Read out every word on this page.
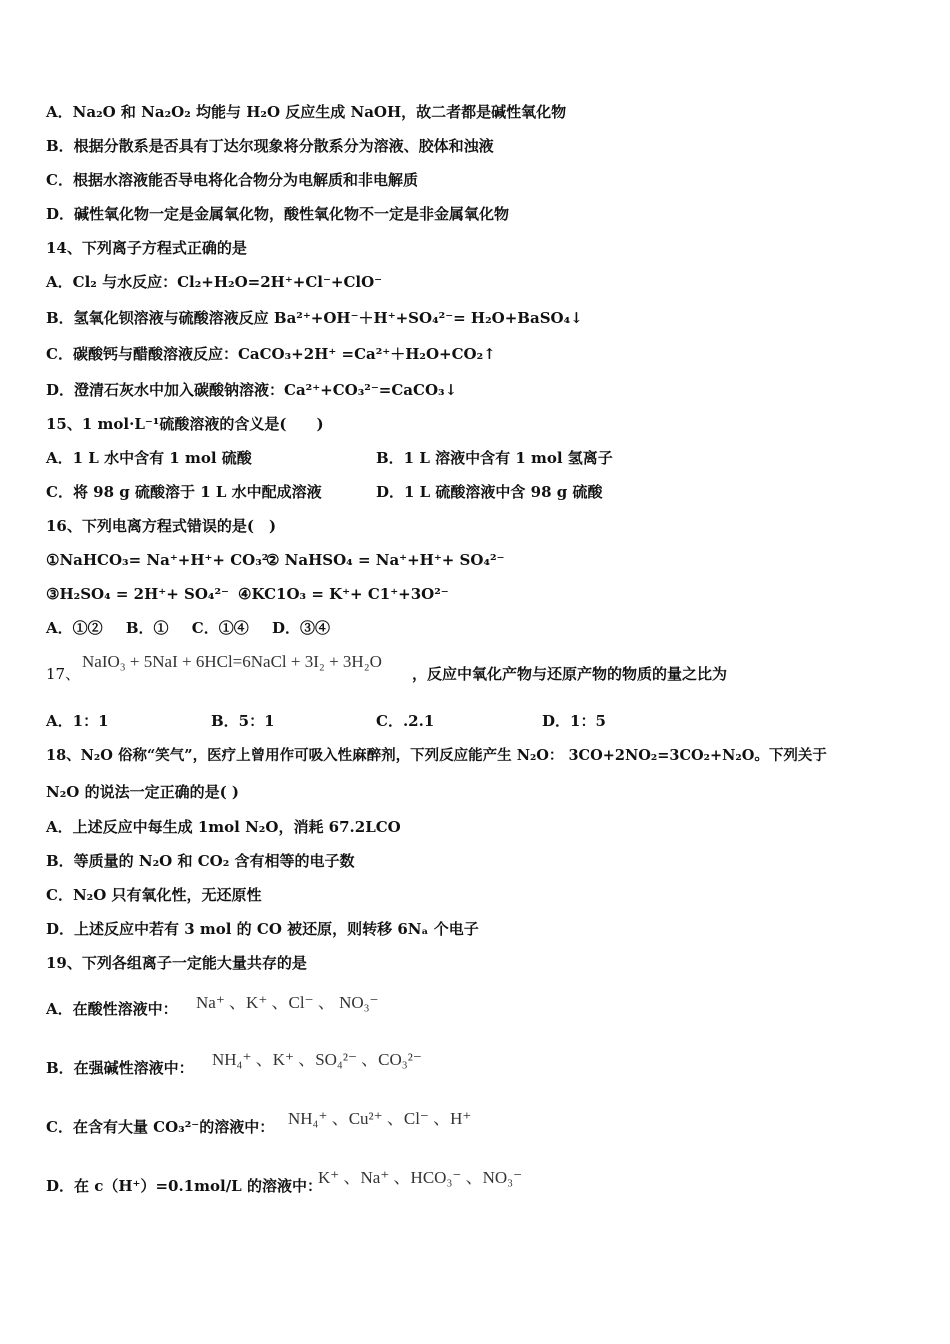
A．Na₂O 和 Na₂O₂ 均能与 H₂O 反应生成 NaOH，故二者都是碱性氧化物
B．根据分散系是否具有丁达尔现象将分散系分为溶液、胶体和浊液
C．根据水溶液能否导电将化合物分为电解质和非电解质
D．碱性氧化物一定是金属氧化物，酸性氧化物不一定是非金属氧化物
14、下列离子方程式正确的是
A．Cl₂ 与水反应：Cl₂+H₂O=2H⁺+Cl⁻+ClO⁻
B．氢氧化钡溶液与硫酸溶液反应 Ba²⁺+OH⁻＋H⁺+SO₄²⁻= H₂O+BaSO₄↓
C．碳酸钙与醋酸溶液反应：CaCO₃+2H⁺ =Ca²⁺＋H₂O+CO₂↑
D．澄清石灰水中加入碳酸钠溶液：Ca²⁺+CO₃²⁻=CaCO₃↓
15、1 mol·L⁻¹硫酸溶液的含义是(　　)
A．1 L 水中含有 1 mol 硫酸	B．1 L 溶液中含有 1 mol 氢离子
C．将 98 g 硫酸溶于 1 L 水中配成溶液	D．1 L 硫酸溶液中含 98 g 硫酸
16、下列电离方程式错误的是(　)
①NaHCO₃= Na⁺+H⁺+ CO₃²⁻
② NaHSO₄ = Na⁺+H⁺+ SO₄²⁻
③H₂SO₄ = 2H⁺+ SO₄²⁻ ④KC1O₃ = K⁺+ C1⁺+3O²⁻
A．①② B．① C．①④ D．③④
17、
NaIO₃ + 5NaI + 6HCl=6NaCl + 3I₂ + 3H₂O
，反应中氧化产物与还原产物的物质的量之比为
A．1：1	B．5：1	C．.2.1	D．1：5
18、N₂O 俗称“笑气”，医疗上曾用作可吸入性麻醉剂，下列反应能产生 N₂O： 3CO+2NO₂=3CO₂+N₂O。下列关于
N₂O 的说法一定正确的是( )
A．上述反应中每生成 1mol N₂O，消耗 67.2LCO
B．等质量的 N₂O 和 CO₂ 含有相等的电子数
C．N₂O 只有氧化性，无还原性
D．上述反应中若有 3 mol 的 CO 被还原，则转移 6Nₐ 个电子
19、下列各组离子一定能大量共存的是
A．在酸性溶液中： Na⁺ 、K⁺ 、Cl⁻ 、 NO₃⁻
B．在强碱性溶液中： NH₄⁺ 、K⁺ 、SO₄²⁻ 、CO₃²⁻
C．在含有大量 CO₃²⁻的溶液中： NH₄⁺ 、Cu²⁺ 、Cl⁻ 、H⁺
D．在 c（H⁺）=0.1mol/L 的溶液中：
K⁺ 、Na⁺ 、HCO₃⁻ 、NO₃⁻
